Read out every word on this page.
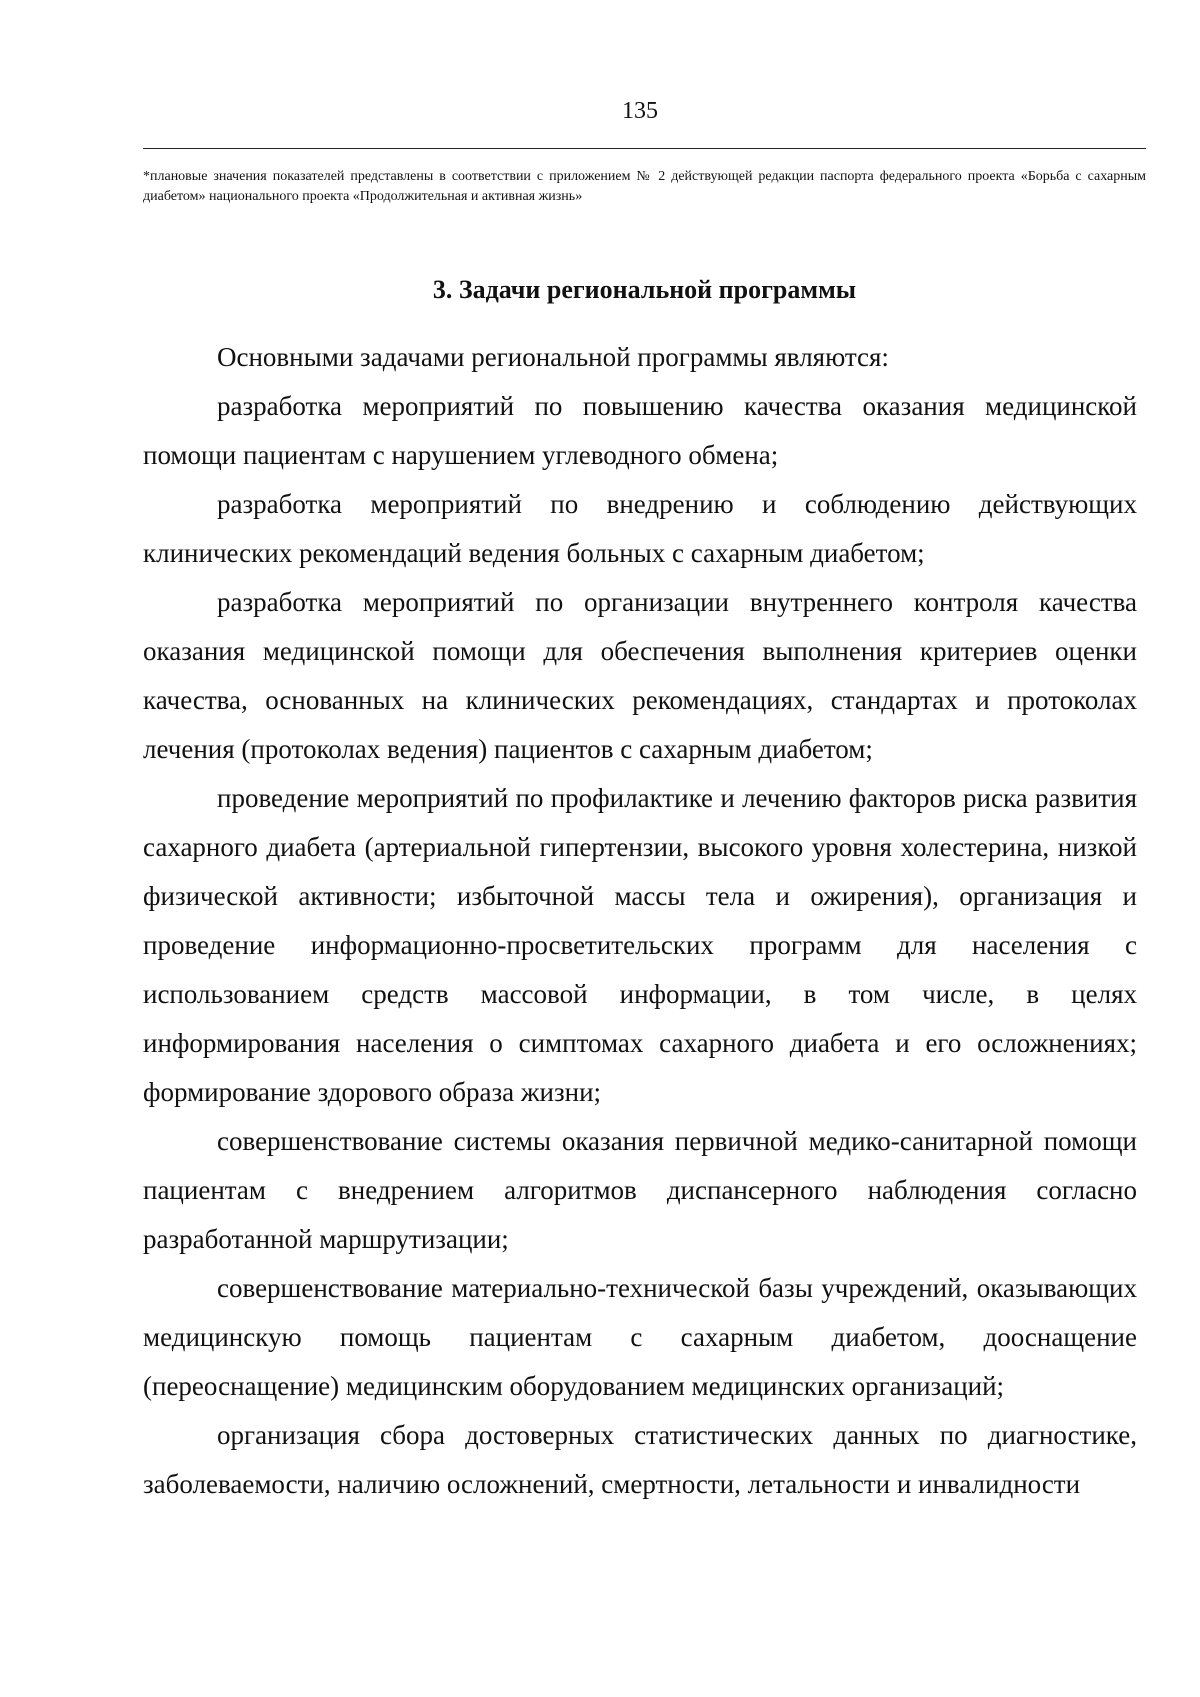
135
*плановые значения показателей представлены в соответствии с приложением № 2 действующей редакции паспорта федерального проекта «Борьба с сахарным диабетом» национального проекта «Продолжительная и активная жизнь»
3. Задачи региональной программы

Основными задачами региональной программы являются:

разработка мероприятий по повышению качества оказания медицинской помощи пациентам с нарушением углеводного обмена;

разработка мероприятий по внедрению и соблюдению действующих клинических рекомендаций ведения больных с сахарным диабетом;

разработка мероприятий по организации внутреннего контроля качества оказания медицинской помощи для обеспечения выполнения критериев оценки качества, основанных на клинических рекомендациях, стандартах и протоколах лечения (протоколах ведения) пациентов с сахарным диабетом;

проведение мероприятий по профилактике и лечению факторов риска развития сахарного диабета (артериальной гипертензии, высокого уровня холестерина, низкой физической активности; избыточной массы тела и ожирения), организация и проведение информационно-просветительских программ для населения с использованием средств массовой информации, в том числе, в целях информирования населения о симптомах сахарного диабета и его осложнениях; формирование здорового образа жизни;

совершенствование системы оказания первичной медико-санитарной помощи пациентам с внедрением алгоритмов диспансерного наблюдения согласно разработанной маршрутизации;

совершенствование материально-технической базы учреждений, оказывающих медицинскую помощь пациентам с сахарным диабетом, дооснащение (переоснащение) медицинским оборудованием медицинских организаций;

организация сбора достоверных статистических данных по диагностике, заболеваемости, наличию осложнений, смертности, летальности и инвалидности
